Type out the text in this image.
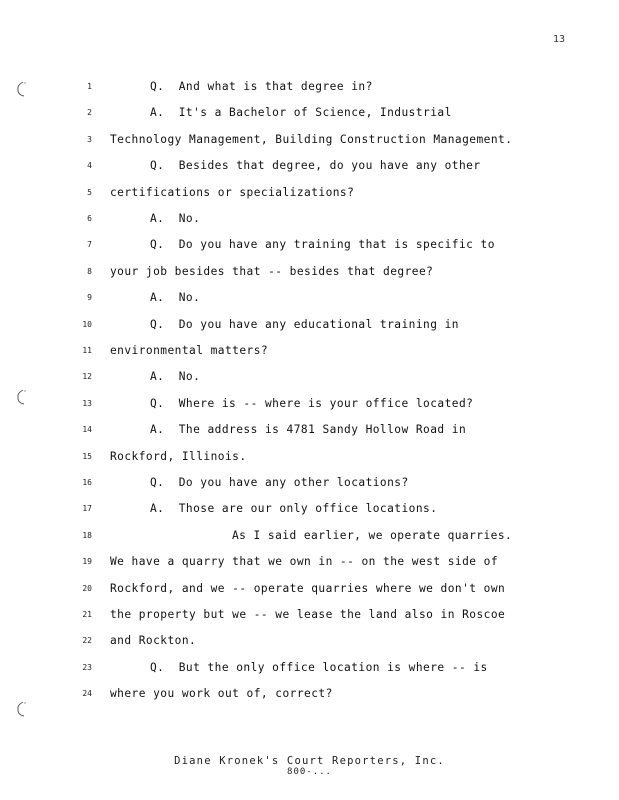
13
1	Q.  And what is that degree in?
2	A.  It's a Bachelor of Science, Industrial
3 Technology Management, Building Construction Management.
4	Q.  Besides that degree, do you have any other
5 certifications or specializations?
6	A.  No.
7	Q.  Do you have any training that is specific to
8 your job besides that -- besides that degree?
9	A.  No.
10	Q.  Do you have any educational training in
11 environmental matters?
12	A.  No.
13	Q.  Where is -- where is your office located?
14	A.  The address is 4781 Sandy Hollow Road in
15 Rockford, Illinois.
16	Q.  Do you have any other locations?
17	A.  Those are our only office locations.
18	As I said earlier, we operate quarries.
19 We have a quarry that we own in -- on the west side of
20 Rockford, and we -- operate quarries where we don't own
21 the property but we -- we lease the land also in Roscoe
22 and Rockton.
23	Q.  But the only office location is where -- is
24 where you work out of, correct?
Diane Kronek's Court Reporters, Inc.
800-...
